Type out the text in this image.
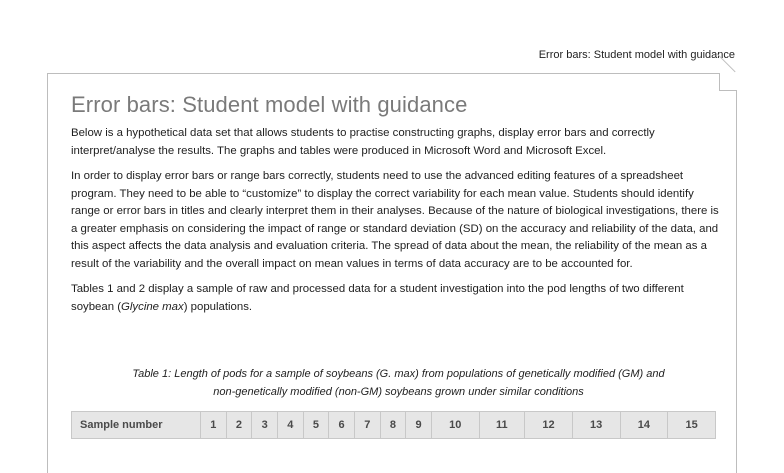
Error bars: Student model with guidance
Error bars: Student model with guidance

Below is a hypothetical data set that allows students to practise constructing graphs, display error bars and correctly interpret/analyse the results. The graphs and tables were produced in Microsoft Word and Microsoft Excel.

In order to display error bars or range bars correctly, students need to use the advanced editing features of a spreadsheet program. They need to be able to “customize” to display the correct variability for each mean value. Students should identify range or error bars in titles and clearly interpret them in their analyses. Because of the nature of biological investigations, there is a greater emphasis on considering the impact of range or standard deviation (SD) on the accuracy and reliability of the data, and this aspect affects the data analysis and evaluation criteria. The spread of data about the mean, the reliability of the mean as a result of the variability and the overall impact on mean values in terms of data accuracy are to be accounted for.

Tables 1 and 2 display a sample of raw and processed data for a student investigation into the pod lengths of two different soybean (Glycine max) populations.

Table 1: Length of pods for a sample of soybeans (G. max) from populations of genetically modified (GM) and
non-genetically modified (non-GM) soybeans grown under similar conditions
Sample number	1	2	3	4	5	6	7	8	9	10	11	12	13	14	15
